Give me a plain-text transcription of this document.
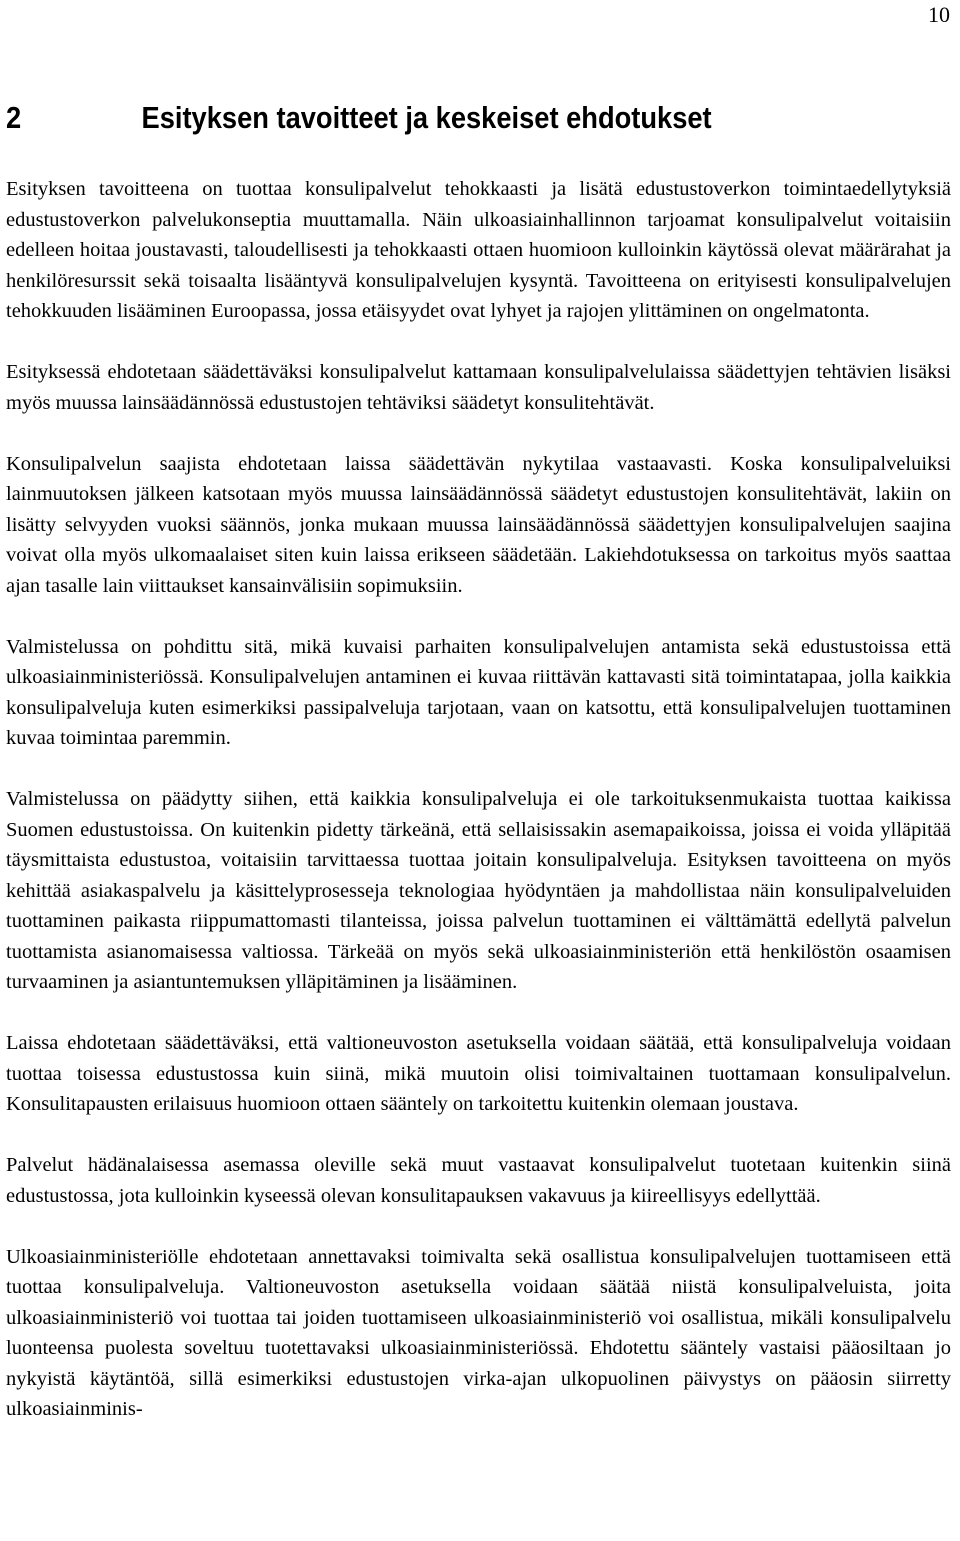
10
2	Esityksen tavoitteet ja keskeiset ehdotukset

Esityksen tavoitteena on tuottaa konsulipalvelut tehokkaasti ja lisätä edustustoverkon toimintaedellytyksiä edustustoverkon palvelukonseptia muuttamalla. Näin ulkoasiainhallinnon tarjoamat konsulipalvelut voitaisiin edelleen hoitaa joustavasti, taloudellisesti ja tehokkaasti ottaen huomioon kulloinkin käytössä olevat määrärahat ja henkilöresurssit sekä toisaalta lisääntyvä konsulipalvelujen kysyntä. Tavoitteena on erityisesti konsulipalvelujen tehokkuuden lisääminen Euroopassa, jossa etäisyydet ovat lyhyet ja rajojen ylittäminen on ongelmatonta.

Esityksessä ehdotetaan säädettäväksi konsulipalvelut kattamaan konsulipalvelulaissa säädettyjen tehtävien lisäksi myös muussa lainsäädännössä edustustojen tehtäviksi säädetyt konsulitehtävät.

Konsulipalvelun saajista ehdotetaan laissa säädettävän nykytilaa vastaavasti. Koska konsulipalveluiksi lainmuutoksen jälkeen katsotaan myös muussa lainsäädännössä säädetyt edustustojen konsulitehtävät, lakiin on lisätty selvyyden vuoksi säännös, jonka mukaan muussa lainsäädännössä säädettyjen konsulipalvelujen saajina voivat olla myös ulkomaalaiset siten kuin laissa erikseen säädetään. Lakiehdotuksessa on tarkoitus myös saattaa ajan tasalle lain viittaukset kansainvälisiin sopimuksiin.

Valmistelussa on pohdittu sitä, mikä kuvaisi parhaiten konsulipalvelujen antamista sekä edustustoissa että ulkoasiainministeriössä. Konsulipalvelujen antaminen ei kuvaa riittävän kattavasti sitä toimintatapaa, jolla kaikkia konsulipalveluja kuten esimerkiksi passipalveluja tarjotaan, vaan on katsottu, että konsulipalvelujen tuottaminen kuvaa toimintaa paremmin.

Valmistelussa on päädytty siihen, että kaikkia konsulipalveluja ei ole tarkoituksenmukaista tuottaa kaikissa Suomen edustustoissa. On kuitenkin pidetty tärkeänä, että sellaisissakin asemapaikoissa, joissa ei voida ylläpitää täysmittaista edustustoa, voitaisiin tarvittaessa tuottaa joitain konsulipalveluja. Esityksen tavoitteena on myös kehittää asiakaspalvelu ja käsittelyprosesseja teknologiaa hyödyntäen ja mahdollistaa näin konsulipalveluiden tuottaminen paikasta riippumattomasti tilanteissa, joissa palvelun tuottaminen ei välttämättä edellytä palvelun tuottamista asianomaisessa valtiossa. Tärkeää on myös sekä ulkoasiainministeriön että henkilöstön osaamisen turvaaminen ja asiantuntemuksen ylläpitäminen ja lisääminen.

Laissa ehdotetaan säädettäväksi, että valtioneuvoston asetuksella voidaan säätää, että konsulipalveluja voidaan tuottaa toisessa edustustossa kuin siinä, mikä muutoin olisi toimivaltainen tuottamaan konsulipalvelun. Konsulitapausten erilaisuus huomioon ottaen sääntely on tarkoitettu kuitenkin olemaan joustava.

Palvelut hädänalaisessa asemassa oleville sekä muut vastaavat konsulipalvelut tuotetaan kuitenkin siinä edustustossa, jota kulloinkin kyseessä olevan konsulitapauksen vakavuus ja kiireellisyys edellyttää.

Ulkoasiainministeriölle ehdotetaan annettavaksi toimivalta sekä osallistua konsulipalvelujen tuottamiseen että tuottaa konsulipalveluja. Valtioneuvoston asetuksella voidaan säätää niistä konsulipalveluista, joita ulkoasiainministeriö voi tuottaa tai joiden tuottamiseen ulkoasiainministeriö voi osallistua, mikäli konsulipalvelu luonteensa puolesta soveltuu tuotettavaksi ulkoasiainministeriössä. Ehdotettu sääntely vastaisi pääosiltaan jo nykyistä käytäntöä, sillä esimerkiksi edustustojen virka-ajan ulkopuolinen päivystys on pääosin siirretty ulkoasiainminis-
